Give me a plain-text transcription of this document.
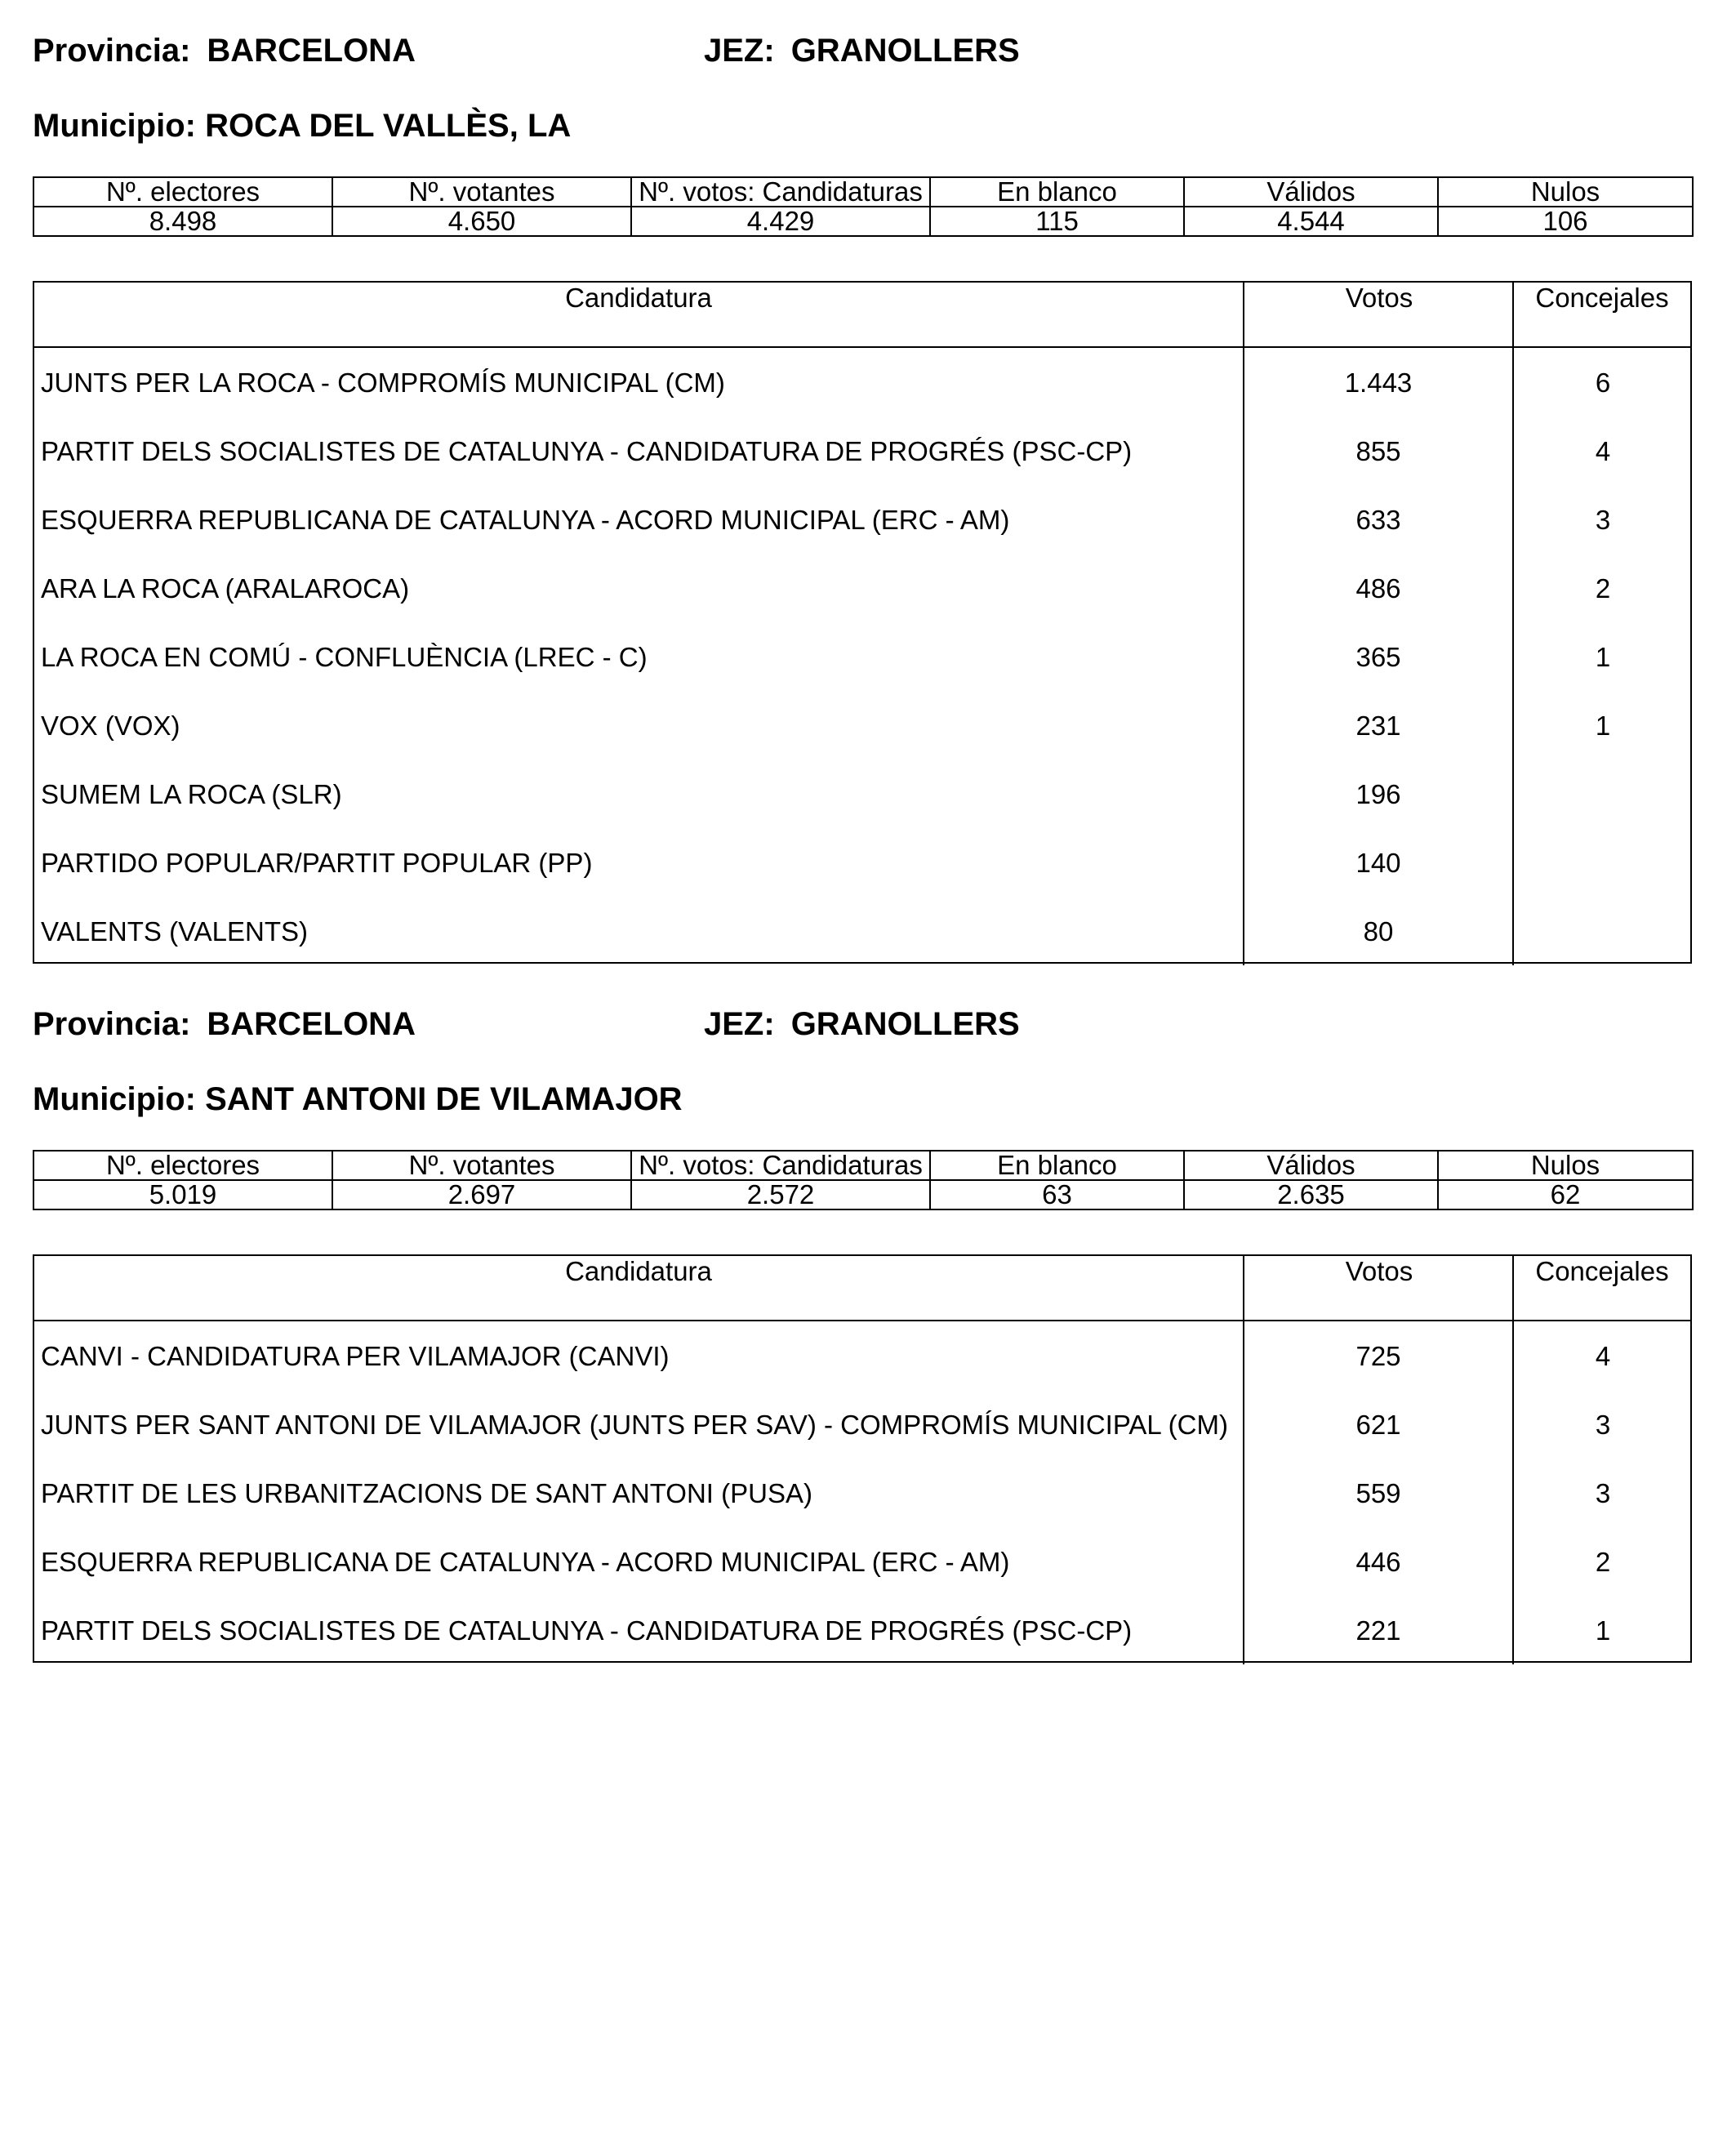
Provincia: BARCELONA	JEZ: GRANOLLERS
Municipio: ROCA DEL VALLÈS, LA
Nº. electores	Nº. votantes	Nº. votos: Candidaturas	En blanco	Válidos	Nulos
8.498	4.650	4.429	115	4.544	106
Candidatura	Votos	Concejales
JUNTS PER LA ROCA - COMPROMÍS MUNICIPAL (CM)	1.443	6
PARTIT DELS SOCIALISTES DE CATALUNYA - CANDIDATURA DE PROGRÉS (PSC-CP)	855	4
ESQUERRA REPUBLICANA DE CATALUNYA - ACORD MUNICIPAL (ERC - AM)	633	3
ARA LA ROCA (ARALAROCA)	486	2
LA ROCA EN COMÚ - CONFLUÈNCIA (LREC - C)	365	1
VOX (VOX)	231	1
SUMEM LA ROCA (SLR)	196
PARTIDO POPULAR/PARTIT POPULAR (PP)	140
VALENTS (VALENTS)	80
Provincia: BARCELONA	JEZ: GRANOLLERS
Municipio: SANT ANTONI DE VILAMAJOR
Nº. electores	Nº. votantes	Nº. votos: Candidaturas	En blanco	Válidos	Nulos
5.019	2.697	2.572	63	2.635	62
Candidatura	Votos	Concejales
CANVI - CANDIDATURA PER VILAMAJOR (CANVI)	725	4
JUNTS PER SANT ANTONI DE VILAMAJOR (JUNTS PER SAV) - COMPROMÍS MUNICIPAL (CM)	621	3
PARTIT DE LES URBANITZACIONS DE SANT ANTONI (PUSA)	559	3
ESQUERRA REPUBLICANA DE CATALUNYA - ACORD MUNICIPAL (ERC - AM)	446	2
PARTIT DELS SOCIALISTES DE CATALUNYA - CANDIDATURA DE PROGRÉS (PSC-CP)	221	1
